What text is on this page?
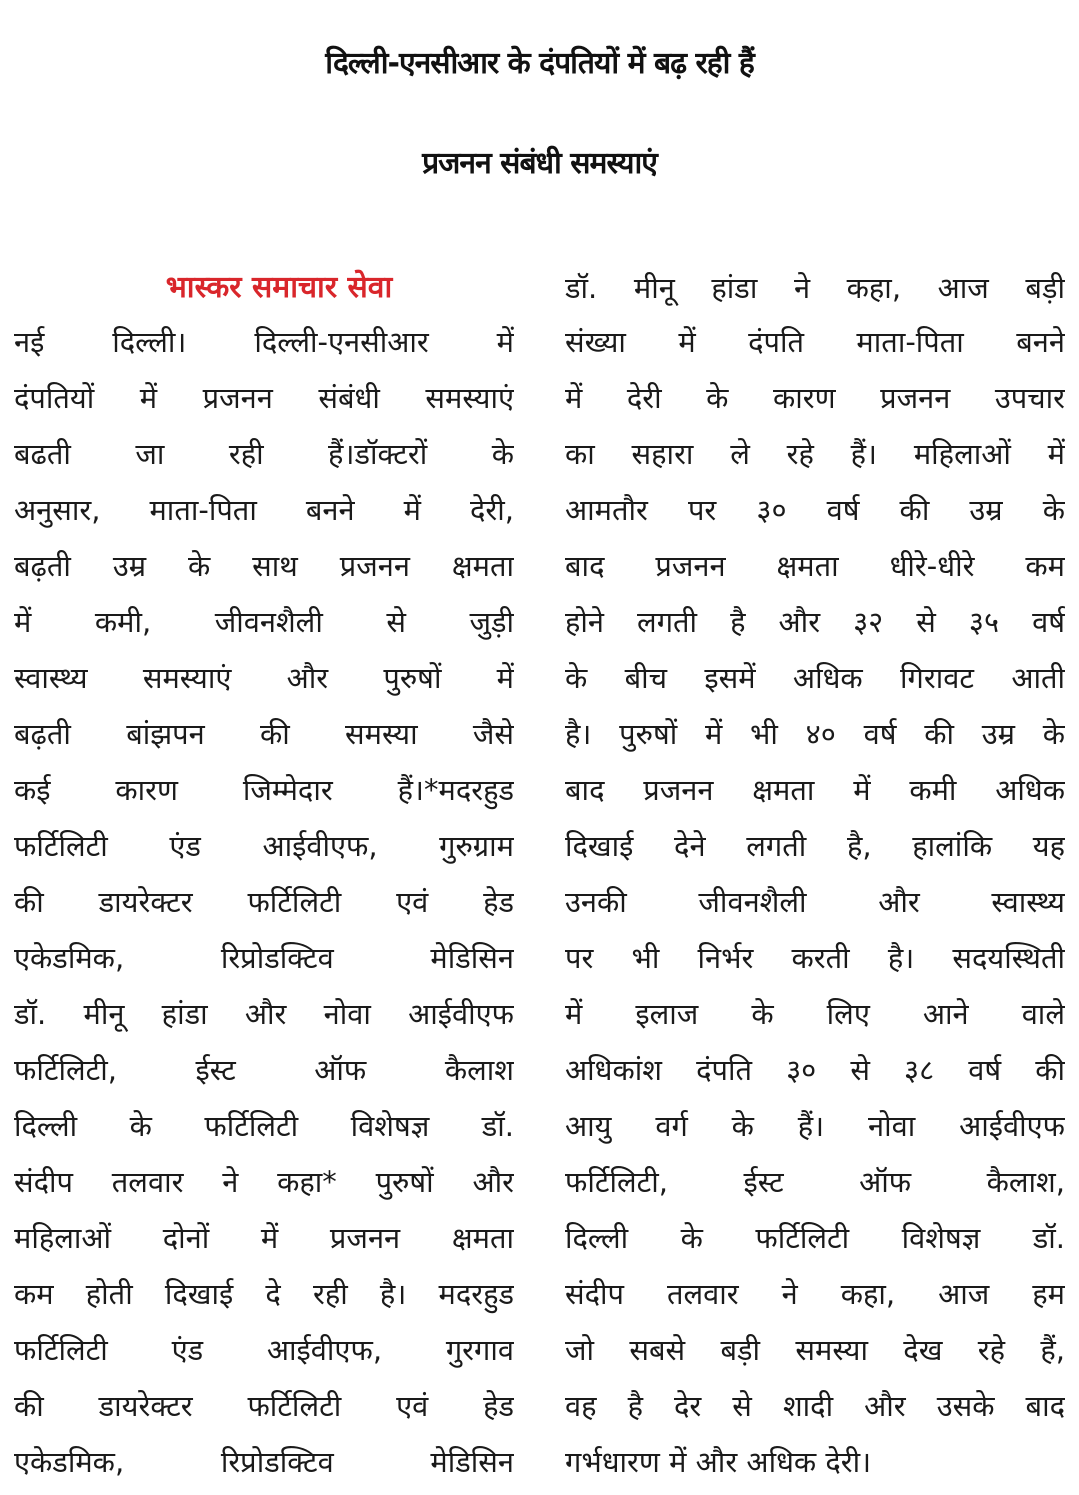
दिल्ली-एनसीआर के दंपतियों में बढ़ रही हैं
प्रजनन संबंधी समस्याएं
भास्कर समाचार सेवा
नई दिल्ली। दिल्ली-एनसीआर में
दंपतियों में प्रजनन संबंधी समस्याएं
बढती जा रही हैं।डॉक्टरों के
अनुसार, माता-पिता बनने में देरी,
बढ़ती उम्र के साथ प्रजनन क्षमता
में कमी, जीवनशैली से जुड़ी
स्वास्थ्य समस्याएं और पुरुषों में
बढ़ती बांझपन की समस्या जैसे
कई कारण जिम्मेदार हैं।*मदरहुड
फर्टिलिटी एंड आईवीएफ, गुरुग्राम
की डायरेक्टर फर्टिलिटी एवं हेड
एकेडमिक, रिप्रोडक्टिव मेडिसिन
डॉ. मीनू हांडा और नोवा आईवीएफ
फर्टिलिटी, ईस्ट ऑफ कैलाश
दिल्ली के फर्टिलिटी विशेषज्ञ डॉ.
संदीप तलवार ने कहा* पुरुषों और
महिलाओं दोनों में प्रजनन क्षमता
कम होती दिखाई दे रही है। मदरहुड
फर्टिलिटी एंड आईवीएफ, गुरगाव
की डायरेक्टर फर्टिलिटी एवं हेड
एकेडमिक, रिप्रोडक्टिव मेडिसिन
डॉ. मीनू हांडा ने कहा, आज बड़ी
संख्या में दंपति माता-पिता बनने
में देरी के कारण प्रजनन उपचार
का सहारा ले रहे हैं। महिलाओं में
आमतौर पर ३० वर्ष की उम्र के
बाद प्रजनन क्षमता धीरे-धीरे कम
होने लगती है और ३२ से ३५ वर्ष
के बीच इसमें अधिक गिरावट आती
है। पुरुषों में भी ४० वर्ष की उम्र के
बाद प्रजनन क्षमता में कमी अधिक
दिखाई देने लगती है, हालांकि यह
उनकी जीवनशैली और स्वास्थ्य
पर भी निर्भर करती है। सदयस्थिती
में इलाज के लिए आने वाले
अधिकांश दंपति ३० से ३८ वर्ष की
आयु वर्ग के हैं। नोवा आईवीएफ
फर्टिलिटी, ईस्ट ऑफ कैलाश,
दिल्ली के फर्टिलिटी विशेषज्ञ डॉ.
संदीप तलवार ने कहा, आज हम
जो सबसे बड़ी समस्या देख रहे हैं,
वह है देर से शादी और उसके बाद
गर्भधारण में और अधिक देरी।
